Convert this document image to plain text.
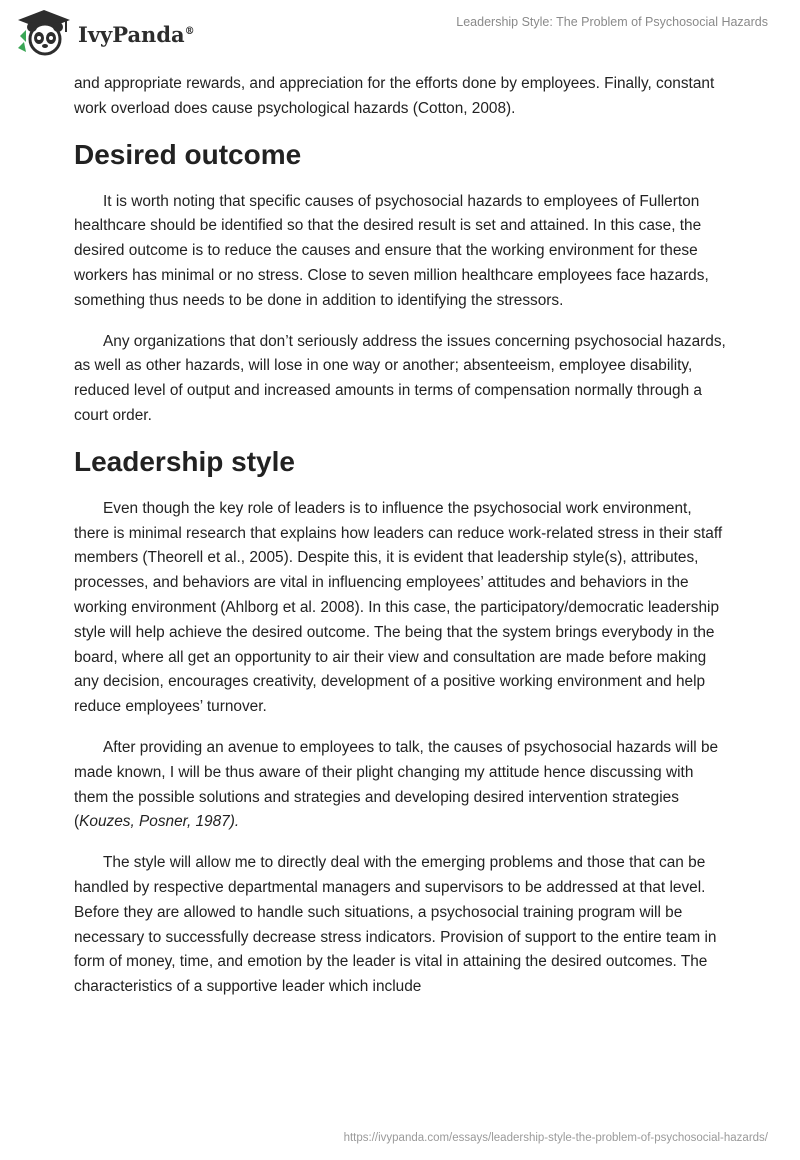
IvyPanda®
Leadership Style: The Problem of Psychosocial Hazards

and appropriate rewards, and appreciation for the efforts done by employees. Finally, constant work overload does cause psychological hazards (Cotton, 2008).

Desired outcome

It is worth noting that specific causes of psychosocial hazards to employees of Fullerton healthcare should be identified so that the desired result is set and attained. In this case, the desired outcome is to reduce the causes and ensure that the working environment for these workers has minimal or no stress. Close to seven million healthcare employees face hazards, something thus needs to be done in addition to identifying the stressors.

Any organizations that don’t seriously address the issues concerning psychosocial hazards, as well as other hazards, will lose in one way or another; absenteeism, employee disability, reduced level of output and increased amounts in terms of compensation normally through a court order.

Leadership style

Even though the key role of leaders is to influence the psychosocial work environment, there is minimal research that explains how leaders can reduce work-related stress in their staff members (Theorell et al., 2005). Despite this, it is evident that leadership style(s), attributes, processes, and behaviors are vital in influencing employees’ attitudes and behaviors in the working environment (Ahlborg et al. 2008). In this case, the participatory/democratic leadership style will help achieve the desired outcome. The being that the system brings everybody in the board, where all get an opportunity to air their view and consultation are made before making any decision, encourages creativity, development of a positive working environment and help reduce employees’ turnover.

After providing an avenue to employees to talk, the causes of psychosocial hazards will be made known, I will be thus aware of their plight changing my attitude hence discussing with them the possible solutions and strategies and developing desired intervention strategies (Kouzes, Posner, 1987).

The style will allow me to directly deal with the emerging problems and those that can be handled by respective departmental managers and supervisors to be addressed at that level. Before they are allowed to handle such situations, a psychosocial training program will be necessary to successfully decrease stress indicators. Provision of support to the entire team in form of money, time, and emotion by the leader is vital in attaining the desired outcomes. The characteristics of a supportive leader which include

https://ivypanda.com/essays/leadership-style-the-problem-of-psychosocial-hazards/
